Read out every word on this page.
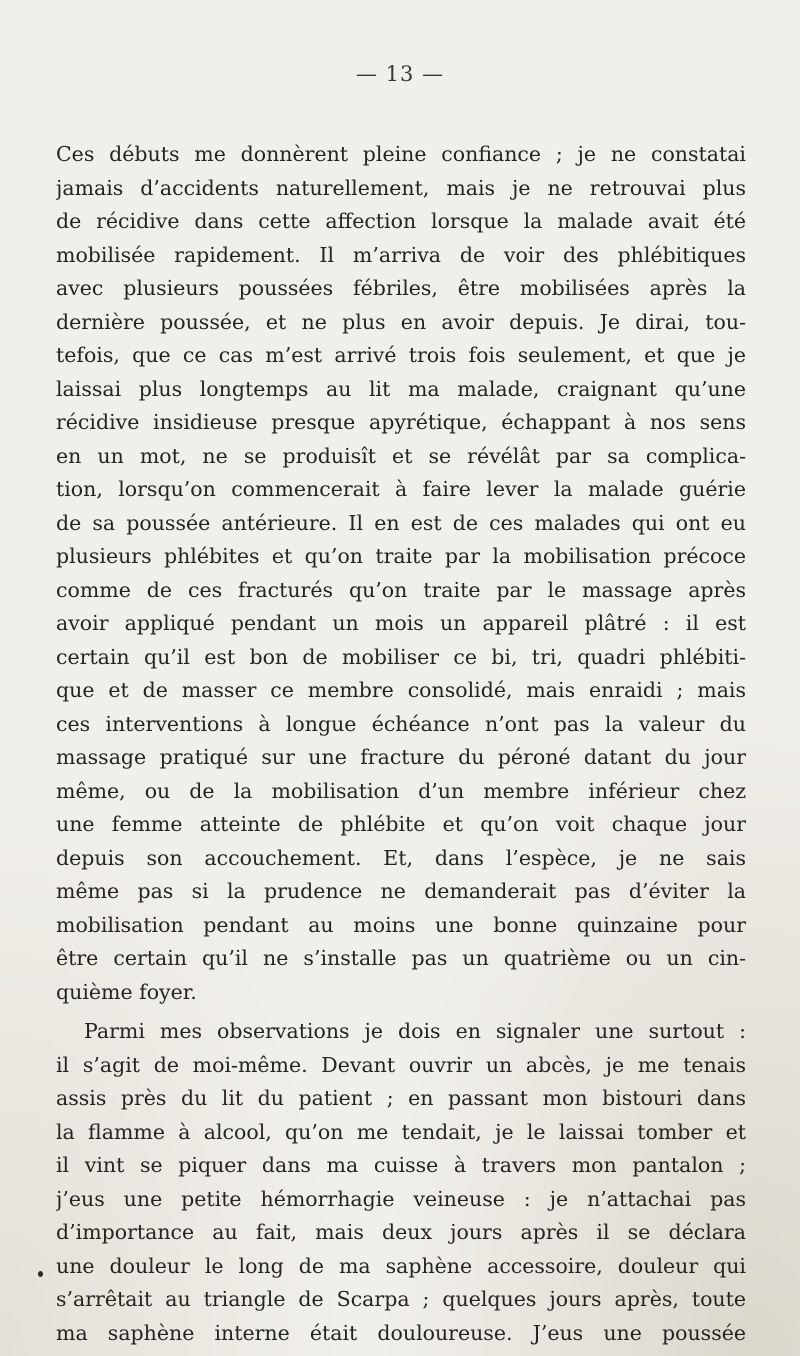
— 13 —
Ces débuts me donnèrent pleine confiance ; je ne constatai
jamais d’accidents naturellement, mais je ne retrouvai plus
de récidive dans cette affection lorsque la malade avait été
mobilisée rapidement. Il m’arriva de voir des phlébitiques
avec plusieurs poussées fébriles, être mobilisées après la
dernière poussée, et ne plus en avoir depuis. Je dirai, tou-
tefois, que ce cas m’est arrivé trois fois seulement, et que je
laissai plus longtemps au lit ma malade, craignant qu’une
récidive insidieuse presque apyrétique, échappant à nos sens
en un mot, ne se produisît et se révélât par sa complica-
tion, lorsqu’on commencerait à faire lever la malade guérie
de sa poussée antérieure. Il en est de ces malades qui ont eu
plusieurs phlébites et qu’on traite par la mobilisation précoce
comme de ces fracturés qu’on traite par le massage après
avoir appliqué pendant un mois un appareil plâtré : il est
certain qu’il est bon de mobiliser ce bi, tri, quadri phlébiti-
que et de masser ce membre consolidé, mais enraidi ; mais
ces interventions à longue échéance n’ont pas la valeur du
massage pratiqué sur une fracture du péroné datant du jour
même, ou de la mobilisation d’un membre inférieur chez
une femme atteinte de phlébite et qu’on voit chaque jour
depuis son accouchement. Et, dans l’espèce, je ne sais
même pas si la prudence ne demanderait pas d’éviter la
mobilisation pendant au moins une bonne quinzaine pour
être certain qu’il ne s’installe pas un quatrième ou un cin-
quième foyer.
Parmi mes observations je dois en signaler une surtout :
il s’agit de moi-même. Devant ouvrir un abcès, je me tenais
assis près du lit du patient ; en passant mon bistouri dans
la flamme à alcool, qu’on me tendait, je le laissai tomber et
il vint se piquer dans ma cuisse à travers mon pantalon ;
j’eus une petite hémorrhagie veineuse : je n’attachai pas
d’importance au fait, mais deux jours après il se déclara
une douleur le long de ma saphène accessoire, douleur qui
s’arrêtait au triangle de Scarpa ; quelques jours après, toute
ma saphène interne était douloureuse. J’eus une poussée
